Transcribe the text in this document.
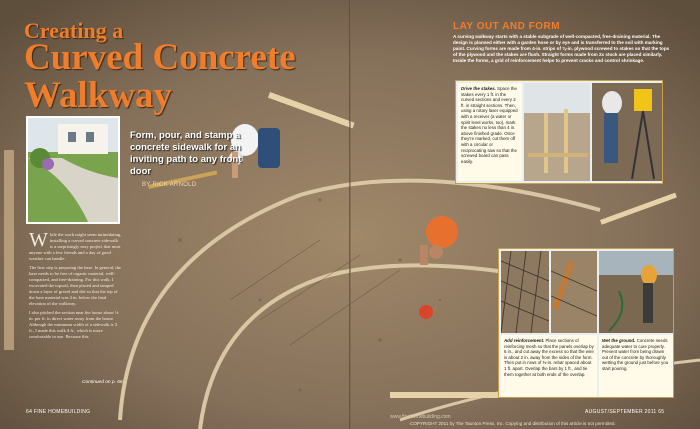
Creating a
Curved Concrete
Walkway
Form, pour, and stamp a concrete sidewalk for an inviting path to any front door
BY RICK ARNOLD

While the work might seem intimidating, installing a curved concrete sidewalk is a surprisingly easy project that most anyone with a few friends and a day of good weather can handle.

The first step is preparing the base. In general, the base needs to be free of organic material, well-compacted, and free-draining. For this walk, I excavated the topsoil, then placed and tamped down a layer of gravel and dirt so that the top of the base material was 4 in. below the final elevation of the walkway.

I also pitched the section near the house about ⅛ in. per ft. to direct water away from the house. Although the minimum width of a sidewalk is 3 ft., I made this walk 4 ft., which is more comfortable to use. Because this

Continued on p. 66
LAY OUT AND FORM
A curving walkway starts with a stable subgrade of well-compacted, free-draining material. The design is planned either with a garden hose or by eye and is transferred to the soil with marking paint. Curving forms are made from 4-in. strips of ⅜-in. plywood screwed to stakes so that the tops of the plywood and the stakes are flush. Straight forms made from 2x stock are placed similarly. Inside the forms, a grid of reinforcement helps to prevent cracks and control shrinkage.
Drive the stakes. Space the stakes every 1 ft. in the curved sections and every 2 ft. in straight sections. Then, using a rotary laser equipped with a receiver (a water or spirit level works, too), mark the stakes no less than 4 in. above finished grade. Once they're marked, cut them off with a circular or reciprocating saw so that the screwed board can pass easily.
Add reinforcement. Place sections of reinforcing mesh so that the panels overlap by 6 in., and cut away the excess so that the wire is about 2 in. away from the sides of the form. Then put in rows of ⅜-in. rebar spaced about 1 ft. apart. Overlap the bars by 1 ft., and tie them together at both ends of the overlap.
Wet the ground. Concrete needs adequate water to cure properly. Prevent water from being drawn out of the concrete by thoroughly wetting the ground just before you start pouring.
64 FINE HOMEBUILDING
www.finehomebuilding.com
AUGUST/SEPTEMBER 2011 65
COPYRIGHT 2011 by The Taunton Press, Inc. Copying and distribution of this article is not permitted.
